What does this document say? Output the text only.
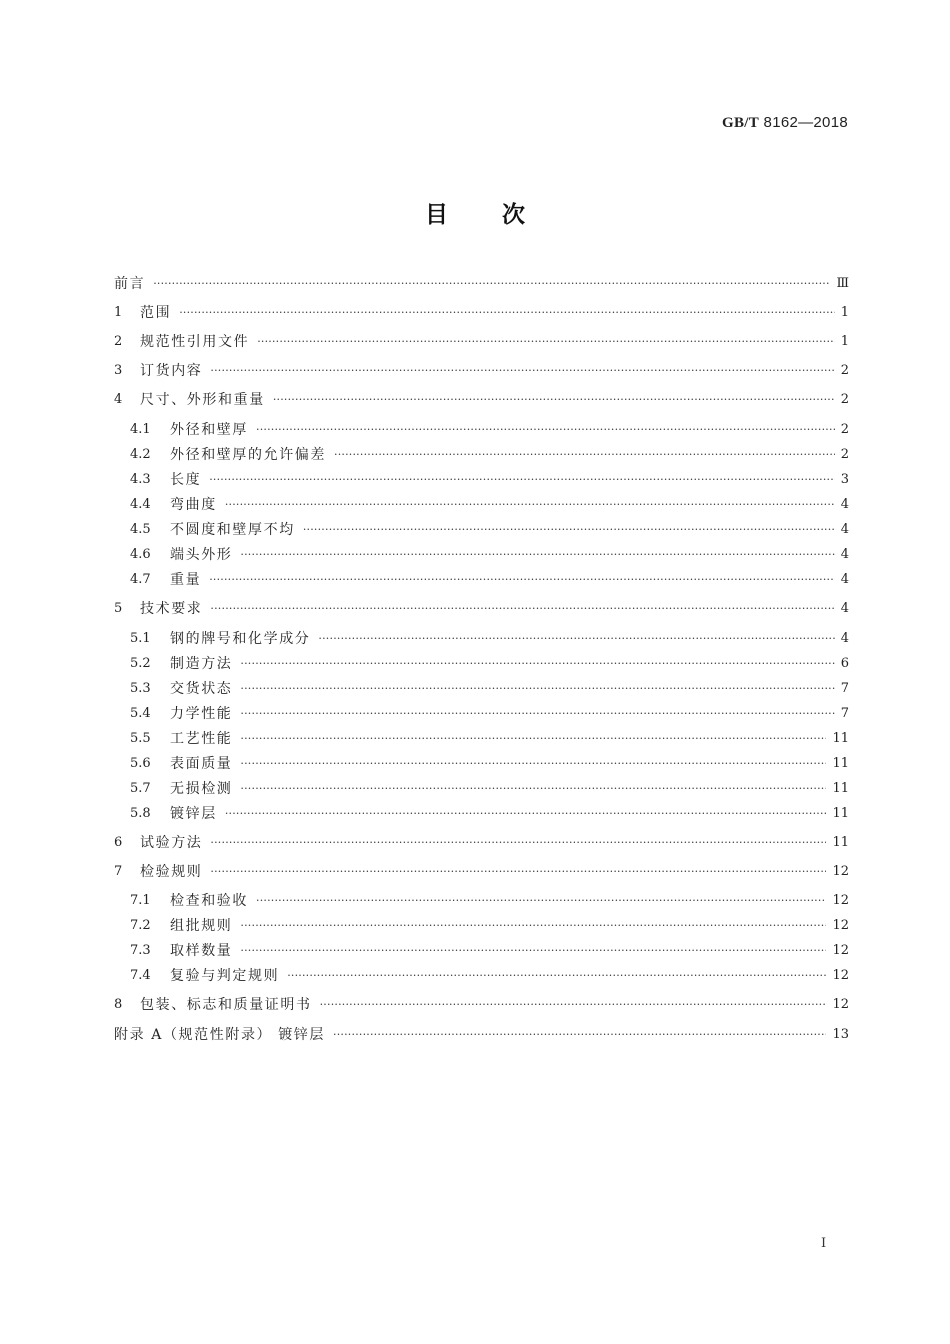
GB/T 8162—2018
目 次
前言 ·····	Ⅲ
1	范围 ·····	1
2	规范性引用文件 ·····	1
3	订货内容 ·····	2
4	尺寸、外形和重量 ·····	2
4.1	外径和壁厚 ·····	2
4.2	外径和壁厚的允许偏差 ·····	2
4.3	长度 ·····	3
4.4	弯曲度 ·····	4
4.5	不圆度和壁厚不均 ·····	4
4.6	端头外形 ·····	4
4.7	重量 ·····	4
5	技术要求 ·····	4
5.1	钢的牌号和化学成分 ·····	4
5.2	制造方法 ·····	6
5.3	交货状态 ·····	7
5.4	力学性能 ·····	7
5.5	工艺性能 ·····	11
5.6	表面质量 ·····	11
5.7	无损检测 ·····	11
5.8	镀锌层 ·····	11
6	试验方法 ·····	11
7	检验规则 ·····	12
7.1	检查和验收 ·····	12
7.2	组批规则 ·····	12
7.3	取样数量 ·····	12
7.4	复验与判定规则 ·····	12
8	包装、标志和质量证明书 ·····	12
附录 A（规范性附录） 镀锌层 ·····	13
I
